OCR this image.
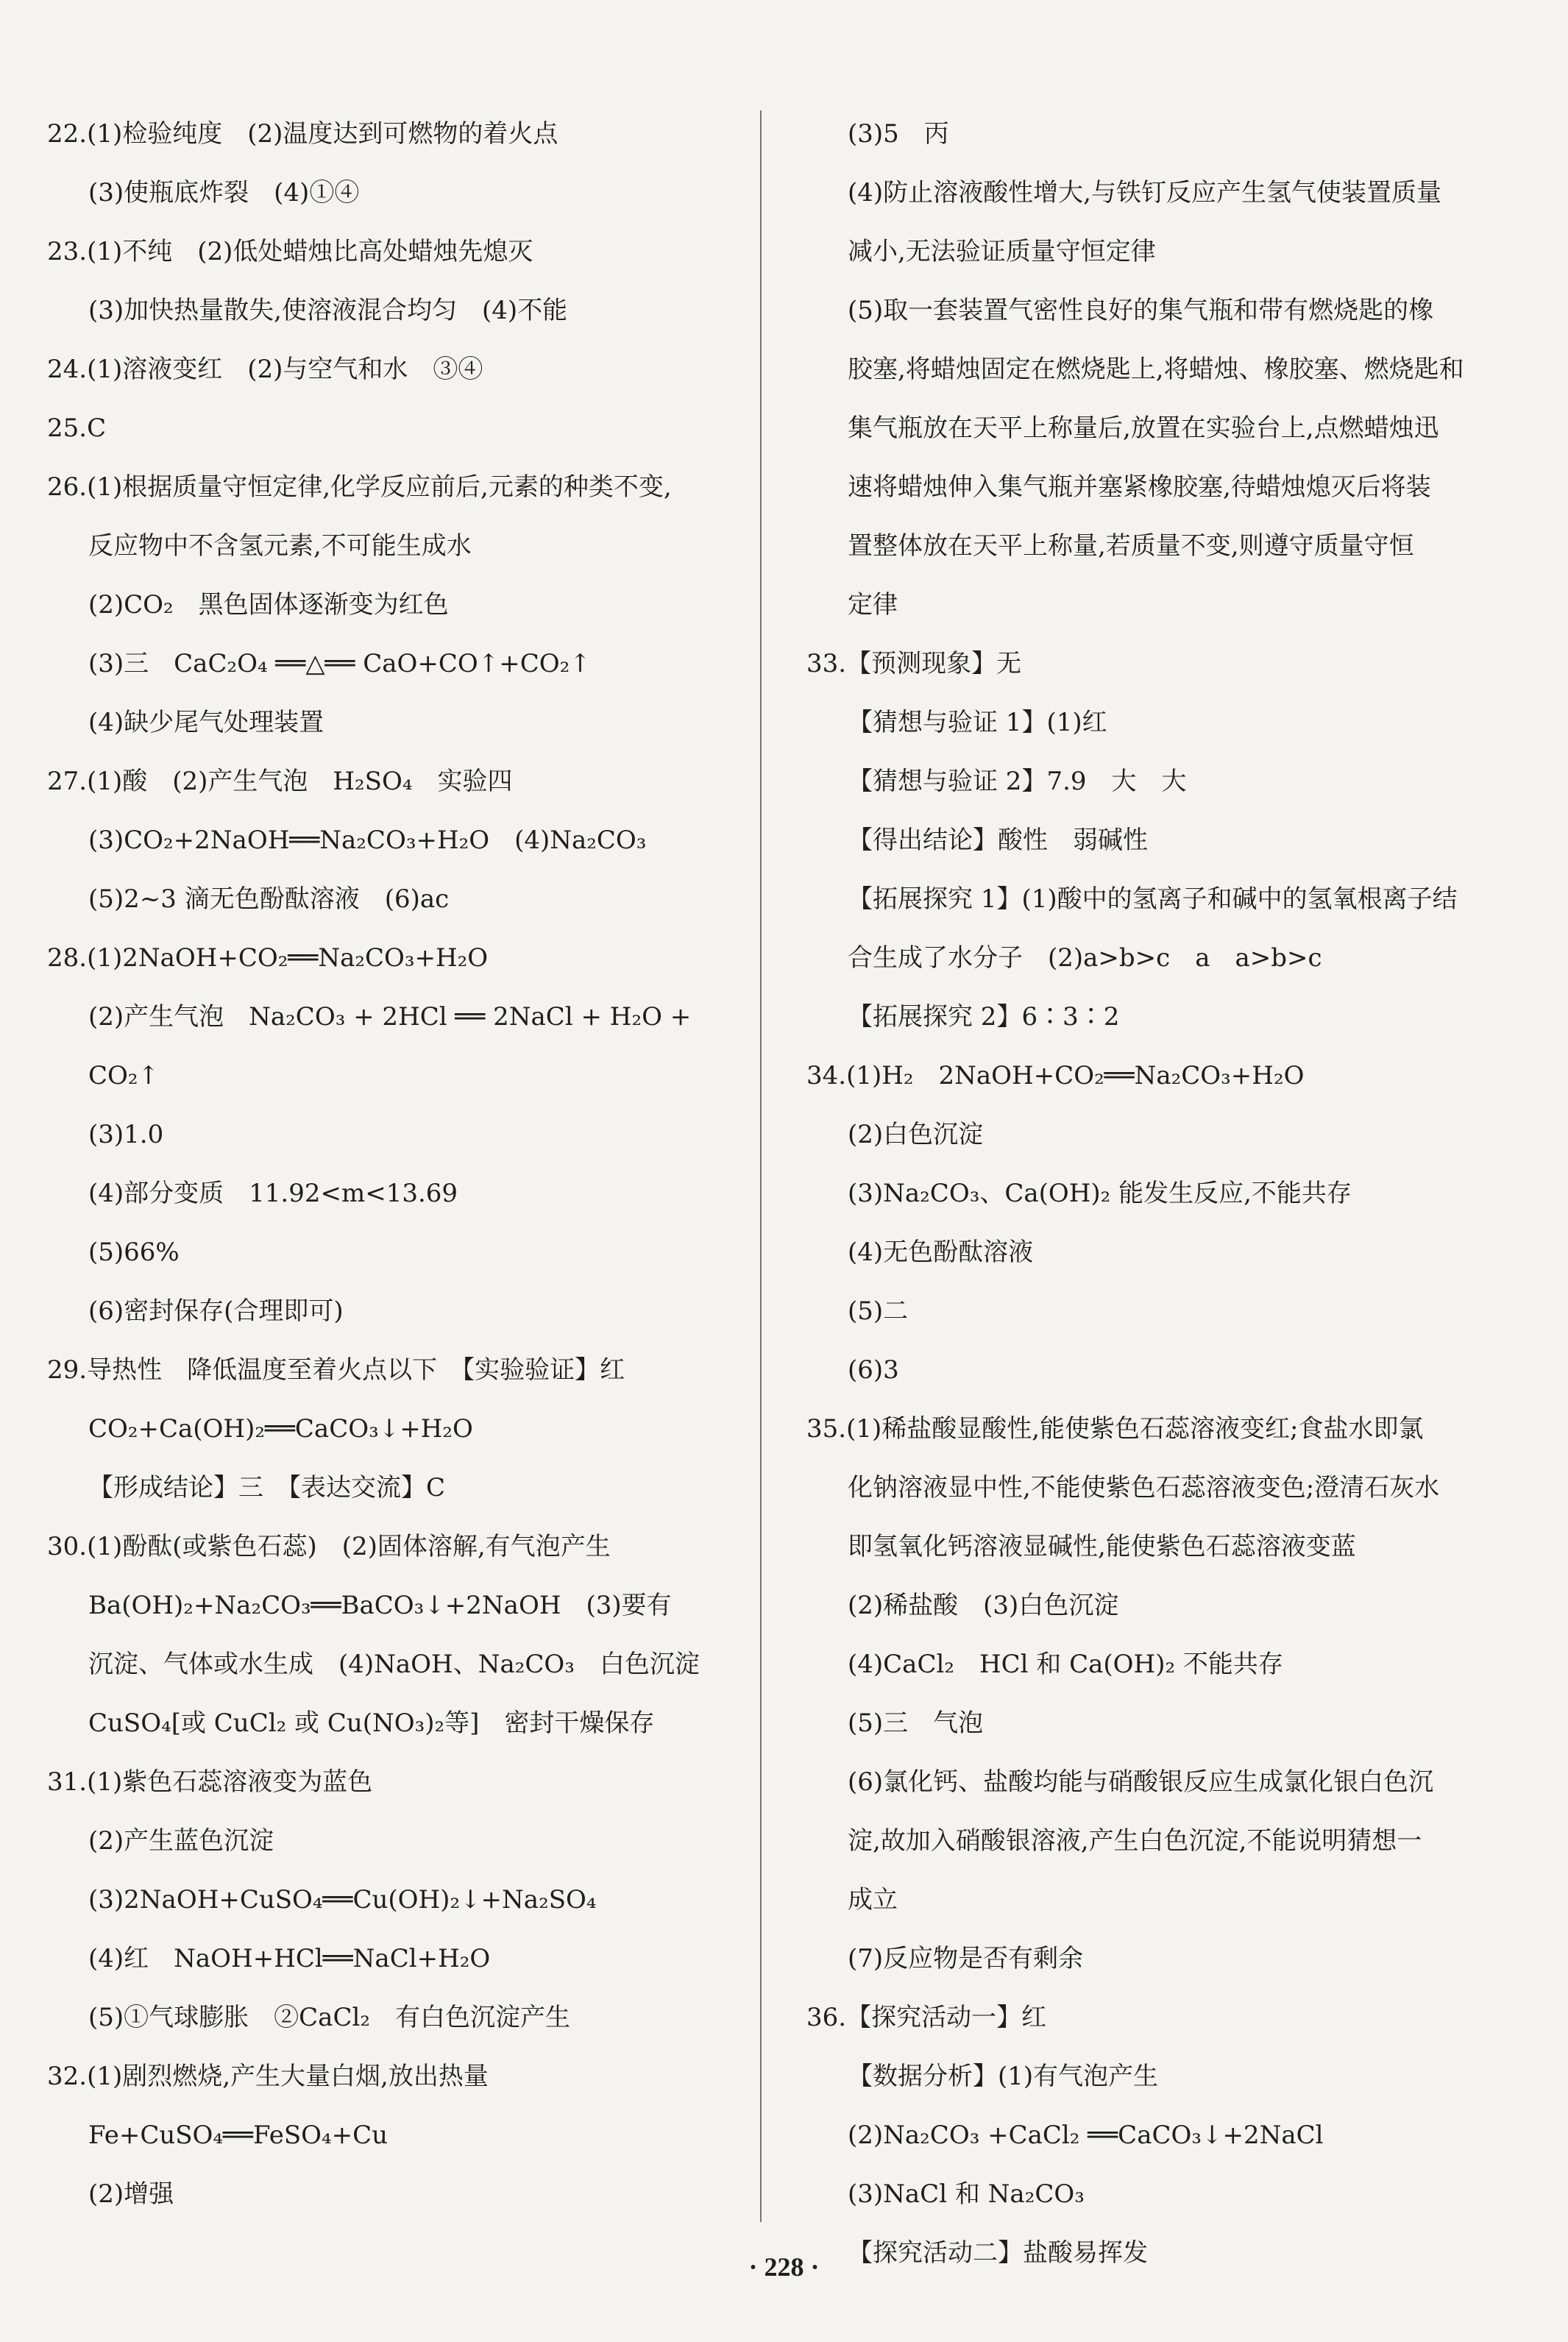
22.(1)检验纯度　(2)温度达到可燃物的着火点
(3)使瓶底炸裂　(4)①④
23.(1)不纯　(2)低处蜡烛比高处蜡烛先熄灭
(3)加快热量散失,使溶液混合均匀　(4)不能
24.(1)溶液变红　(2)与空气和水　③④
25.C
26.(1)根据质量守恒定律,化学反应前后,元素的种类不变,
反应物中不含氢元素,不可能生成水
(2)CO₂　黑色固体逐渐变为红色
(3)三　CaC₂O₄ ══△══ CaO+CO↑+CO₂↑
(4)缺少尾气处理装置
27.(1)酸　(2)产生气泡　H₂SO₄　实验四
(3)CO₂+2NaOH══Na₂CO₃+H₂O　(4)Na₂CO₃
(5)2~3 滴无色酚酞溶液　(6)ac
28.(1)2NaOH+CO₂══Na₂CO₃+H₂O
(2)产生气泡　Na₂CO₃ + 2HCl ══ 2NaCl + H₂O +
CO₂↑
(3)1.0
(4)部分变质　11.92<m<13.69
(5)66%
(6)密封保存(合理即可)
29.导热性　降低温度至着火点以下　【实验验证】红
CO₂+Ca(OH)₂══CaCO₃↓+H₂O
【形成结论】三　【表达交流】C
30.(1)酚酞(或紫色石蕊)　(2)固体溶解,有气泡产生
Ba(OH)₂+Na₂CO₃══BaCO₃↓+2NaOH　(3)要有
沉淀、气体或水生成　(4)NaOH、Na₂CO₃　白色沉淀
CuSO₄[或 CuCl₂ 或 Cu(NO₃)₂等]　密封干燥保存
31.(1)紫色石蕊溶液变为蓝色
(2)产生蓝色沉淀
(3)2NaOH+CuSO₄══Cu(OH)₂↓+Na₂SO₄
(4)红　NaOH+HCl══NaCl+H₂O
(5)①气球膨胀　②CaCl₂　有白色沉淀产生
32.(1)剧烈燃烧,产生大量白烟,放出热量
Fe+CuSO₄══FeSO₄+Cu
(2)增强
(3)5　丙
(4)防止溶液酸性增大,与铁钉反应产生氢气使装置质量
减小,无法验证质量守恒定律
(5)取一套装置气密性良好的集气瓶和带有燃烧匙的橡
胶塞,将蜡烛固定在燃烧匙上,将蜡烛、橡胶塞、燃烧匙和
集气瓶放在天平上称量后,放置在实验台上,点燃蜡烛迅
速将蜡烛伸入集气瓶并塞紧橡胶塞,待蜡烛熄灭后将装
置整体放在天平上称量,若质量不变,则遵守质量守恒
定律
33.【预测现象】无
【猜想与验证 1】(1)红
【猜想与验证 2】7.9　大　大
【得出结论】酸性　弱碱性
【拓展探究 1】(1)酸中的氢离子和碱中的氢氧根离子结
合生成了水分子　(2)a>b>c　a　a>b>c
【拓展探究 2】6∶3∶2
34.(1)H₂　2NaOH+CO₂══Na₂CO₃+H₂O
(2)白色沉淀
(3)Na₂CO₃、Ca(OH)₂ 能发生反应,不能共存
(4)无色酚酞溶液
(5)二
(6)3
35.(1)稀盐酸显酸性,能使紫色石蕊溶液变红;食盐水即氯
化钠溶液显中性,不能使紫色石蕊溶液变色;澄清石灰水
即氢氧化钙溶液显碱性,能使紫色石蕊溶液变蓝
(2)稀盐酸　(3)白色沉淀
(4)CaCl₂　HCl 和 Ca(OH)₂ 不能共存
(5)三　气泡
(6)氯化钙、盐酸均能与硝酸银反应生成氯化银白色沉
淀,故加入硝酸银溶液,产生白色沉淀,不能说明猜想一
成立
(7)反应物是否有剩余
36.【探究活动一】红
【数据分析】(1)有气泡产生
(2)Na₂CO₃ +CaCl₂ ══CaCO₃↓+2NaCl
(3)NaCl 和 Na₂CO₃
【探究活动二】盐酸易挥发
· 228 ·
